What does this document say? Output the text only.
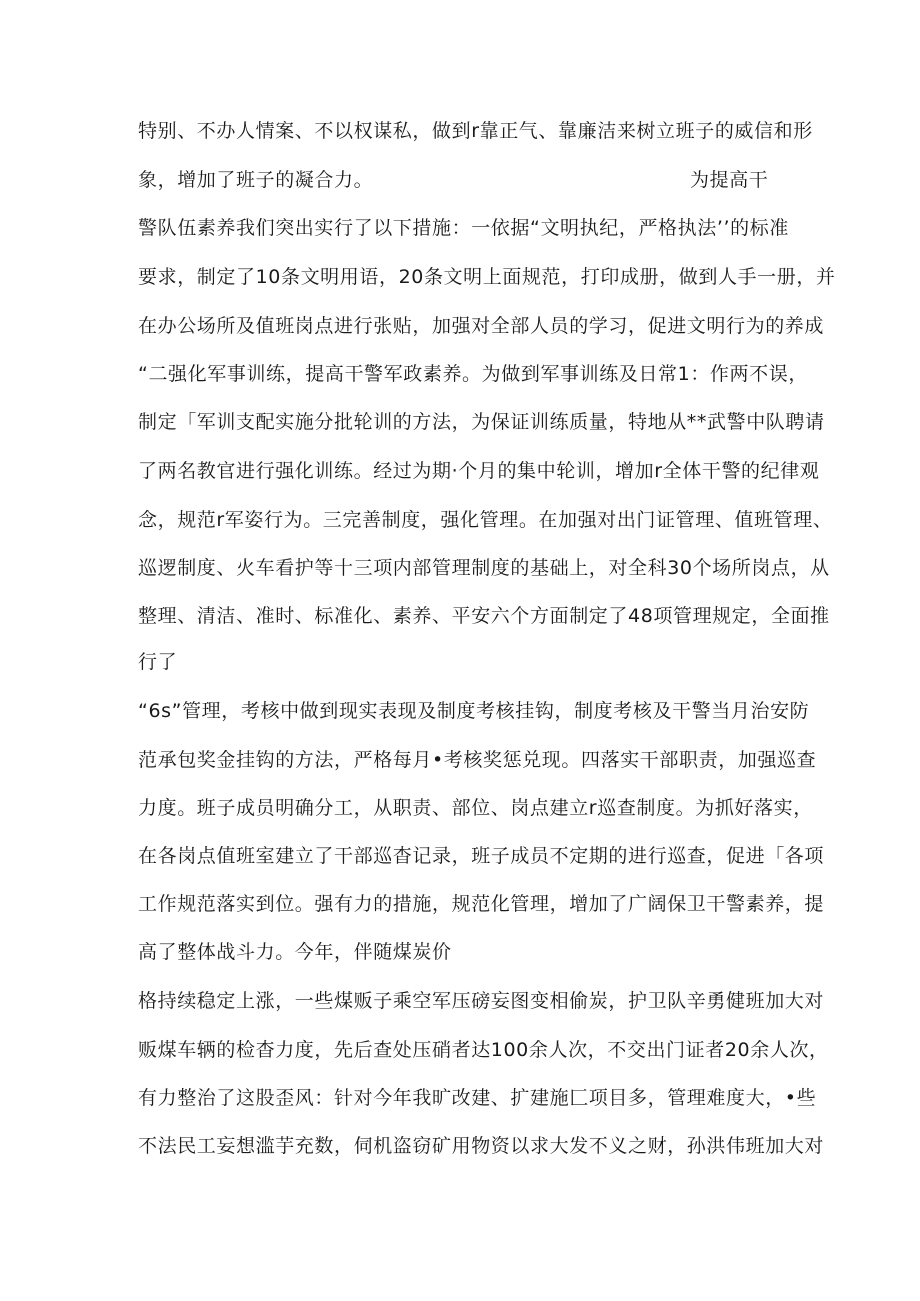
特别、不办人情案、不以权谋私，做到r靠正气、靠廉洁来树立班子的威信和形
象，增加了班子的凝合力。	为提高干
警队伍素养我们突出实行了以下措施：一依据“文明执纪，严格执法’’的标准
要求，制定了10条文明用语，20条文明上面规范，打印成册，做到人手一册，并
在办公场所及值班岗点进行张贴，加强对全部人员的学习，促进文明行为的养成
“二强化军事训练，提高干警军政素养。为做到军事训练及日常1：作两不误，
制定「军训支配实施分批轮训的方法，为保证训练质量，特地从**武警中队聘请
了两名教官进行强化训练。经过为期·个月的集中轮训，增加r全体干警的纪律观
念，规范r军姿行为。三完善制度，强化管理。在加强对出门证管理、值班管理、
巡逻制度、火车看护等十三项内部管理制度的基础上，对全科30个场所岗点，从
整理、清洁、准时、标准化、素养、平安六个方面制定了48项管理规定，全面推
行了
“6s”管理，考核中做到现实表现及制度考核挂钩，制度考核及干警当月治安防
范承包奖金挂钩的方法，严格每月•考核奖惩兑现。四落实干部职责，加强巡查
力度。班子成员明确分工，从职责、部位、岗点建立r巡查制度。为抓好落实，
在各岗点值班室建立了干部巡杳记录，班子成员不定期的进行巡查，促进「各项
工作规范落实到位。强有力的措施，规范化管理，增加了广阔保卫干警素养，提
高了整体战斗力。今年，伴随煤炭价
格持续稳定上涨，一些煤贩子乘空军压磅妄图变相偷炭，护卫队辛勇健班加大对
贩煤车辆的检杳力度，先后查处压硝者达100余人次，不交出门证者20余人次，
有力整治了这股歪风：针对今年我旷改建、扩建施匚项目多，管理难度大，•些
不法民工妄想滥芋充数，伺机盗窃矿用物资以求大发不义之财，孙洪伟班加大对
